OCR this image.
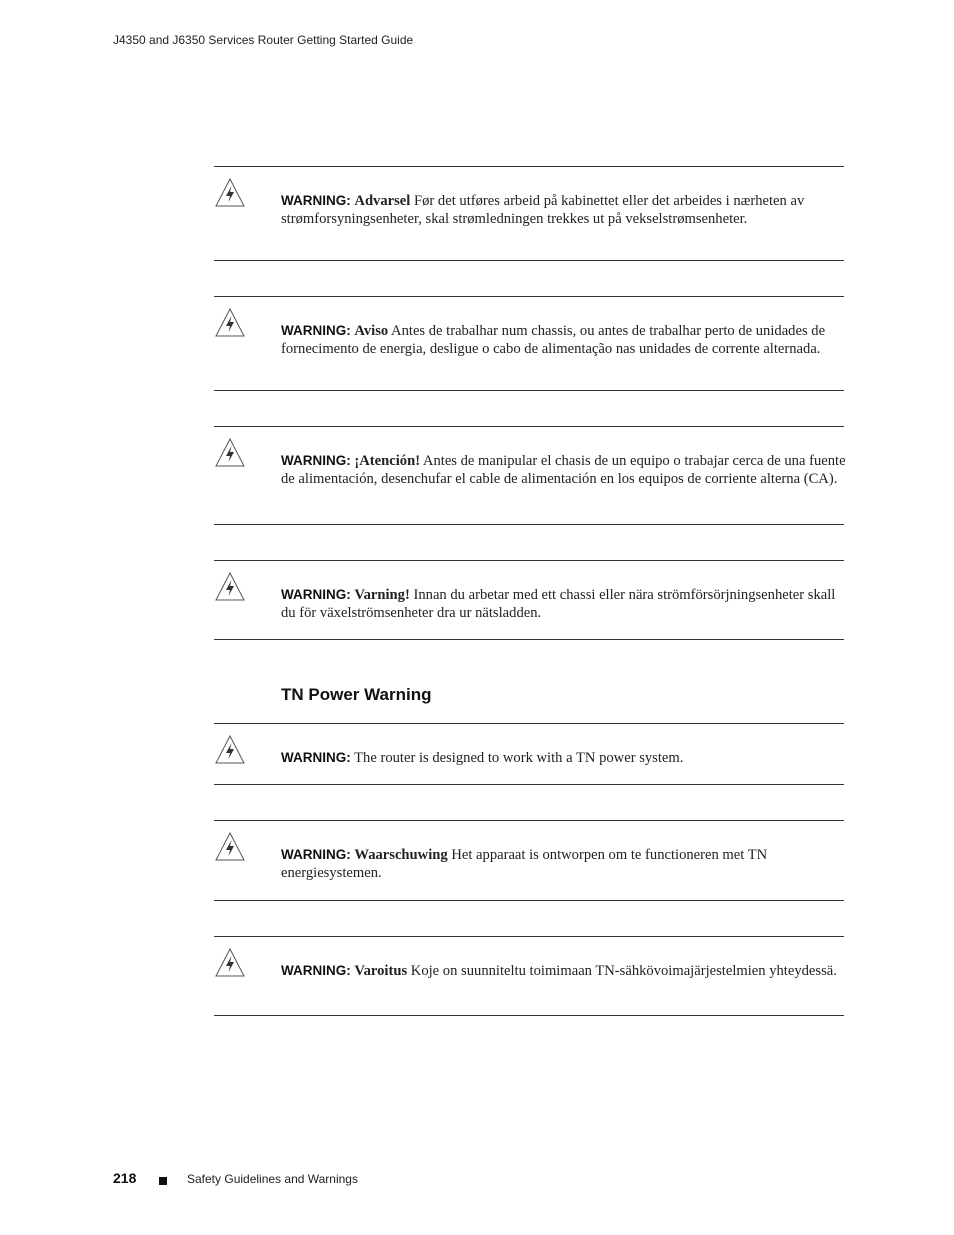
J4350 and J6350 Services Router Getting Started Guide
WARNING: Advarsel Før det utføres arbeid på kabinettet eller det arbeides i nærheten av strømforsyningsenheter, skal strømledningen trekkes ut på vekselstrømsenheter.
WARNING: Aviso Antes de trabalhar num chassis, ou antes de trabalhar perto de unidades de fornecimento de energia, desligue o cabo de alimentação nas unidades de corrente alternada.
WARNING: ¡Atención! Antes de manipular el chasis de un equipo o trabajar cerca de una fuente de alimentación, desenchufar el cable de alimentación en los equipos de corriente alterna (CA).
WARNING: Varning! Innan du arbetar med ett chassi eller nära strömförsörjningsenheter skall du för växelströmsenheter dra ur nätsladden.
TN Power Warning
WARNING: The router is designed to work with a TN power system.
WARNING: Waarschuwing Het apparaat is ontworpen om te functioneren met TN energiesystemen.
WARNING: Varoitus Koje on suunniteltu toimimaan TN-sähkövoimajärjestelmien yhteydessä.
218	Safety Guidelines and Warnings
